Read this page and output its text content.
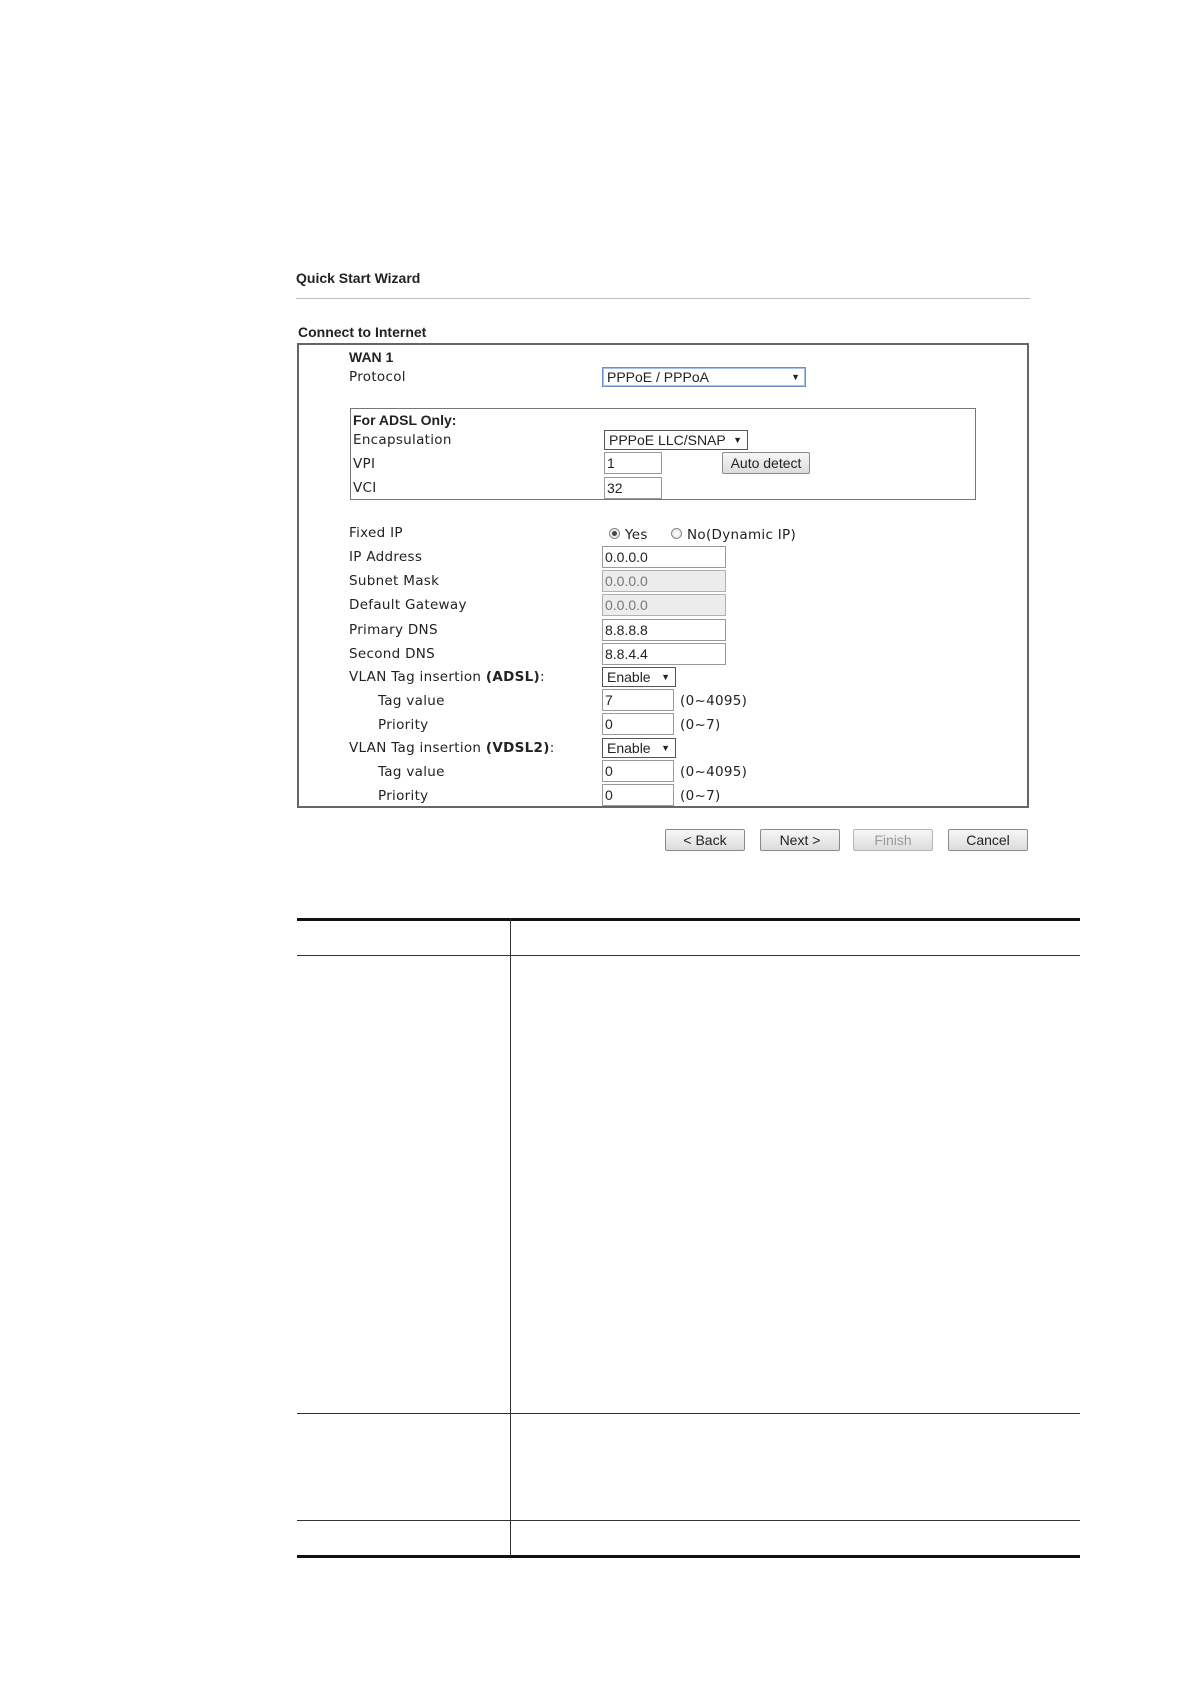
Quick Start Wizard
Connect to Internet
WAN 1
Protocol	PPPoE / PPPoA	▼
For ADSL Only:
Encapsulation	PPPoE LLC/SNAP ▼
VPI	1	Auto detect
VCI	32
Fixed IP	Yes	No(Dynamic IP)
IP Address	0.0.0.0
Subnet Mask	0.0.0.0
Default Gateway	0.0.0.0
Primary DNS	8.8.8.8
Second DNS	8.8.4.4
VLAN Tag insertion (ADSL):	Enable ▼
Tag value	7	(0~4095)
Priority	0	(0~7)
VLAN Tag insertion (VDSL2):	Enable ▼
Tag value	0	(0~4095)
Priority	0	(0~7)
< Back	Next >	Finish	Cancel
